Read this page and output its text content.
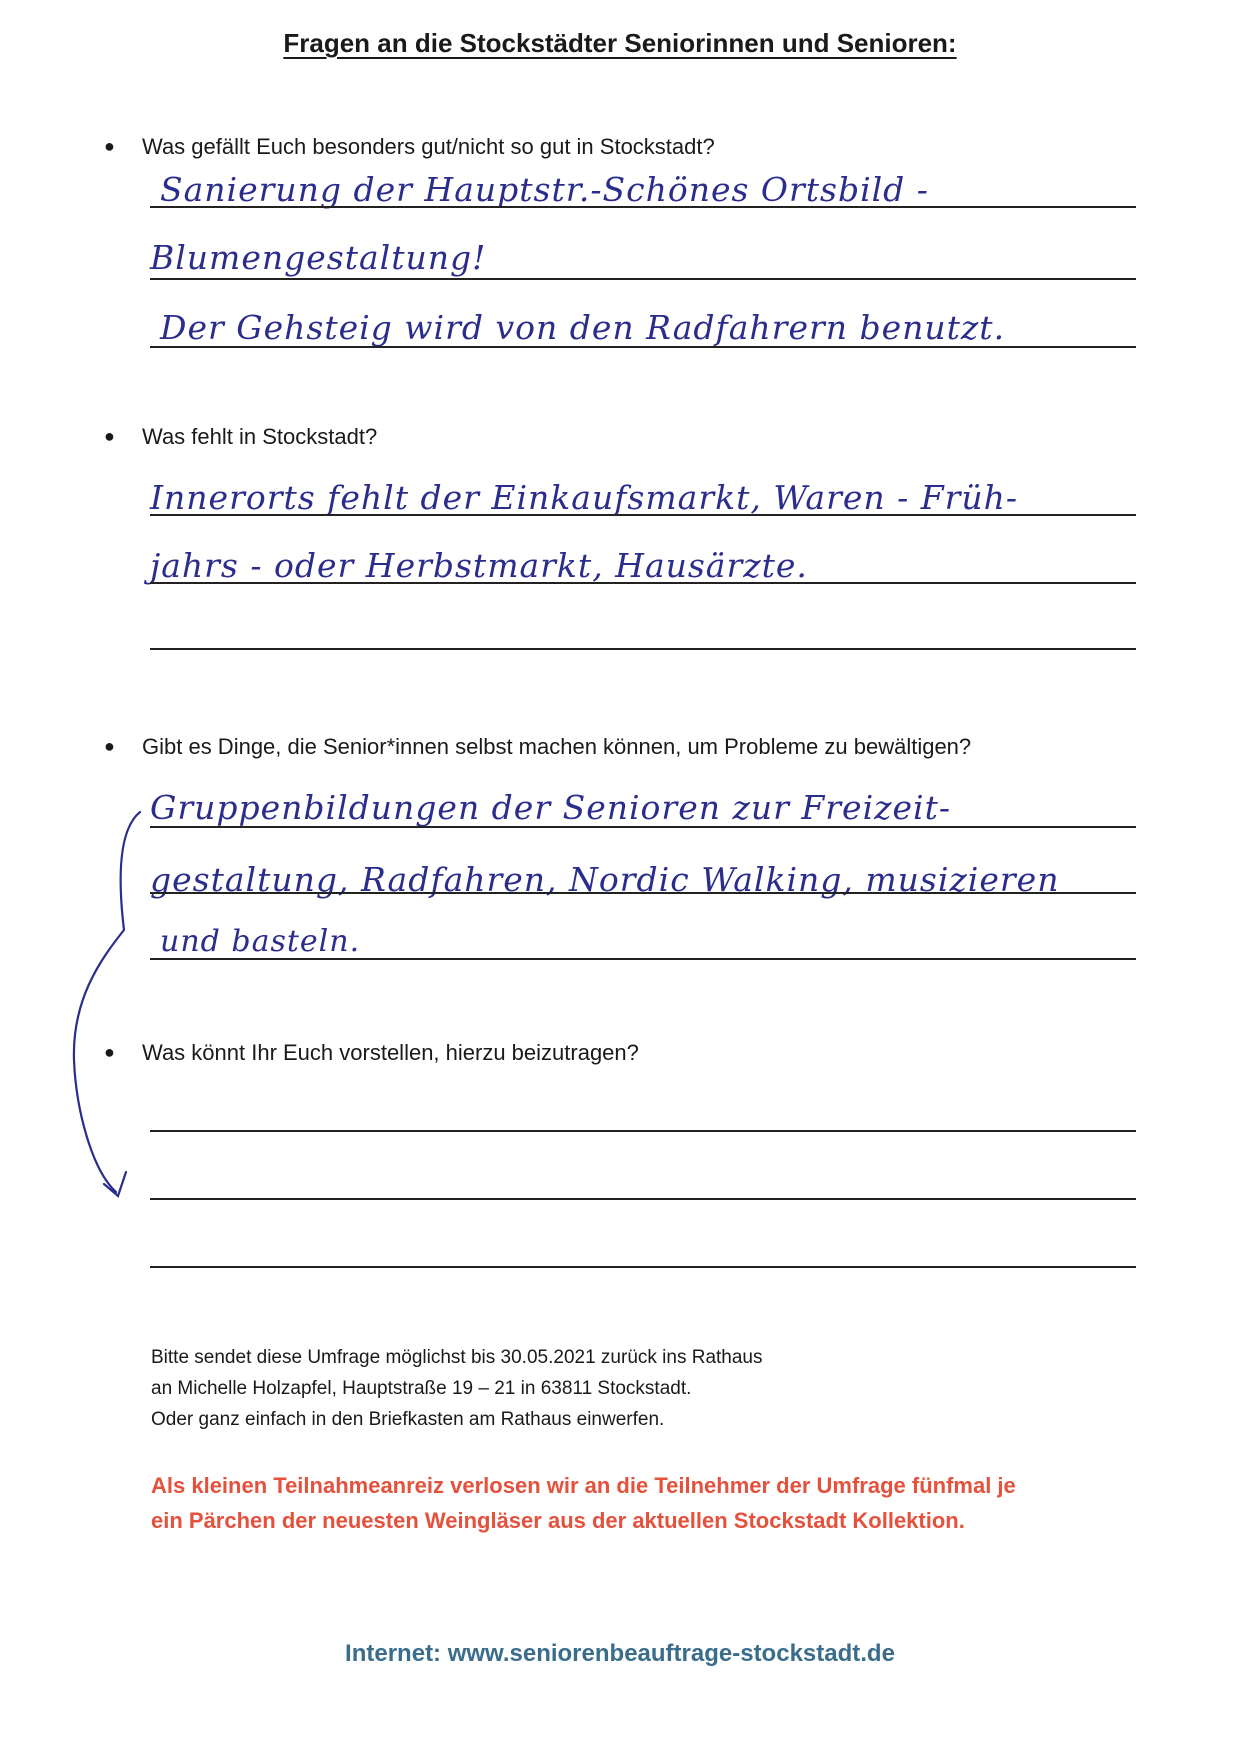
Fragen an die Stockstädter Seniorinnen und Senioren:
● Was gefällt Euch besonders gut/nicht so gut in Stockstadt?
Sanierung der Hauptstr.-Schönes Ortsbild -
Blumengestaltung!
Der Gehsteig wird von den Radfahrern benutzt.
● Was fehlt in Stockstadt?
Innerorts fehlt der Einkaufsmarkt, Waren - Früh-
jahrs - oder Herbstmarkt, Hausärzte.
● Gibt es Dinge, die Senior*innen selbst machen können, um Probleme zu bewältigen?
Gruppenbildungen der Senioren zur Freizeit-
gestaltung, Radfahren, Nordic Walking, musizieren
und basteln.
● Was könnt Ihr Euch vorstellen, hierzu beizutragen?
Bitte sendet diese Umfrage möglichst bis 30.05.2021 zurück ins Rathaus
an Michelle Holzapfel, Hauptstraße 19 – 21 in 63811 Stockstadt.
Oder ganz einfach in den Briefkasten am Rathaus einwerfen.
Als kleinen Teilnahmeanreiz verlosen wir an die Teilnehmer der Umfrage fünfmal je
ein Pärchen der neuesten Weingläser aus der aktuellen Stockstadt Kollektion.
Internet: www.seniorenbeauftrage-stockstadt.de
